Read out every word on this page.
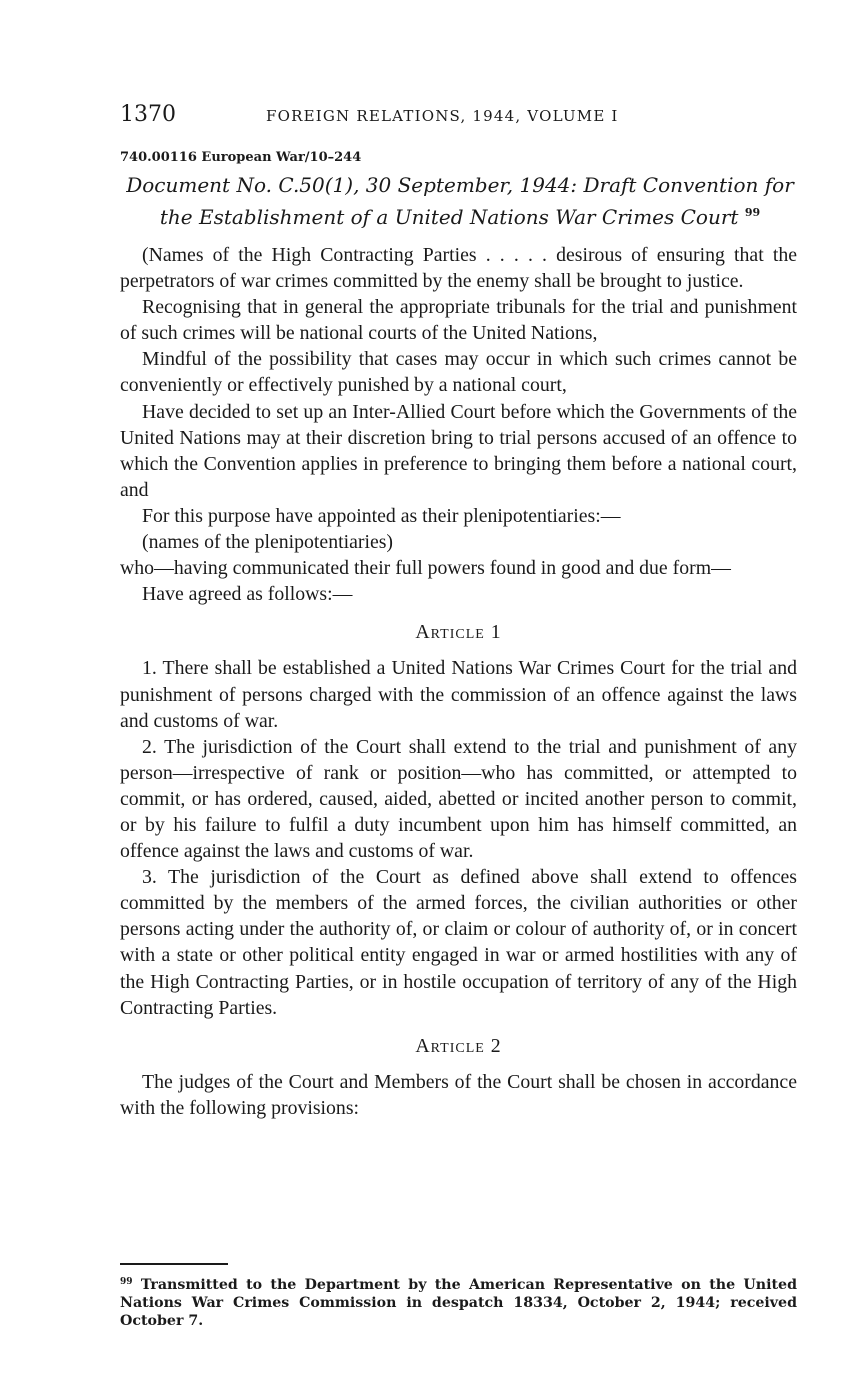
1370	FOREIGN RELATIONS, 1944, VOLUME I
740.00116 European War/10–244
Document No. C.50(1), 30 September, 1944: Draft Convention for the Establishment of a United Nations War Crimes Court $^{99}$

(Names of the High Contracting Parties . . . . . desirous of ensuring that the perpetrators of war crimes committed by the enemy shall be brought to justice.

Recognising that in general the appropriate tribunals for the trial and punishment of such crimes will be national courts of the United Nations,

Mindful of the possibility that cases may occur in which such crimes cannot be conveniently or effectively punished by a national court,

Have decided to set up an Inter-Allied Court before which the Governments of the United Nations may at their discretion bring to trial persons accused of an offence to which the Convention applies in preference to bringing them before a national court, and

For this purpose have appointed as their plenipotentiaries:—

(names of the plenipotentiaries)

who—having communicated their full powers found in good and due form—

Have agreed as follows:—

Article 1

1. There shall be established a United Nations War Crimes Court for the trial and punishment of persons charged with the commission of an offence against the laws and customs of war.

2. The jurisdiction of the Court shall extend to the trial and punishment of any person—irrespective of rank or position—who has committed, or attempted to commit, or has ordered, caused, aided, abetted or incited another person to commit, or by his failure to fulfil a duty incumbent upon him has himself committed, an offence against the laws and customs of war.

3. The jurisdiction of the Court as defined above shall extend to offences committed by the members of the armed forces, the civilian authorities or other persons acting under the authority of, or claim or colour of authority of, or in concert with a state or other political entity engaged in war or armed hostilities with any of the High Contracting Parties, or in hostile occupation of territory of any of the High Contracting Parties.

Article 2

The judges of the Court and Members of the Court shall be chosen in accordance with the following provisions:

$^{99}$ Transmitted to the Department by the American Representative on the United Nations War Crimes Commission in despatch 18334, October 2, 1944; received October 7.
